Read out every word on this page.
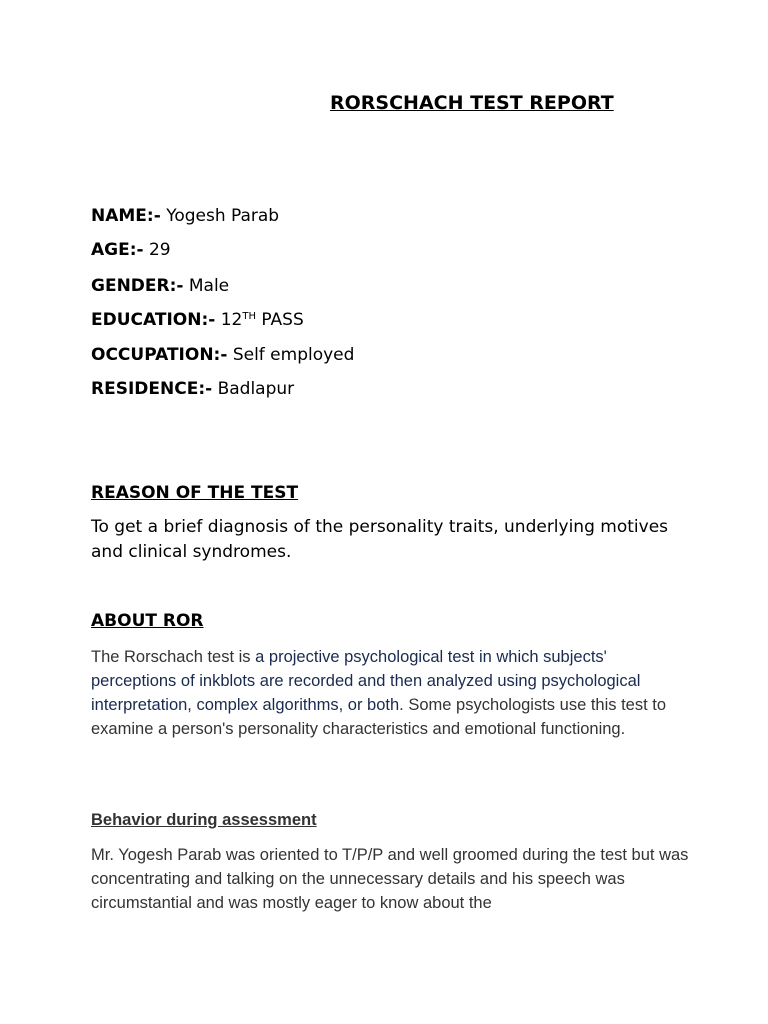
RORSCHACH TEST REPORT
NAME:- Yogesh Parab
AGE:- 29
GENDER:- Male
EDUCATION:- 12TH PASS
OCCUPATION:- Self employed
RESIDENCE:- Badlapur
REASON OF THE TEST
To get a brief diagnosis of the personality traits, underlying motives and clinical syndromes.
ABOUT ROR
The Rorschach test is a projective psychological test in which subjects' perceptions of inkblots are recorded and then analyzed using psychological interpretation, complex algorithms, or both. Some psychologists use this test to examine a person's personality characteristics and emotional functioning.
Behavior during assessment
Mr. Yogesh Parab was oriented to T/P/P and well groomed during the test but was concentrating and talking on the unnecessary details and his speech was circumstantial and was mostly eager to know about the
